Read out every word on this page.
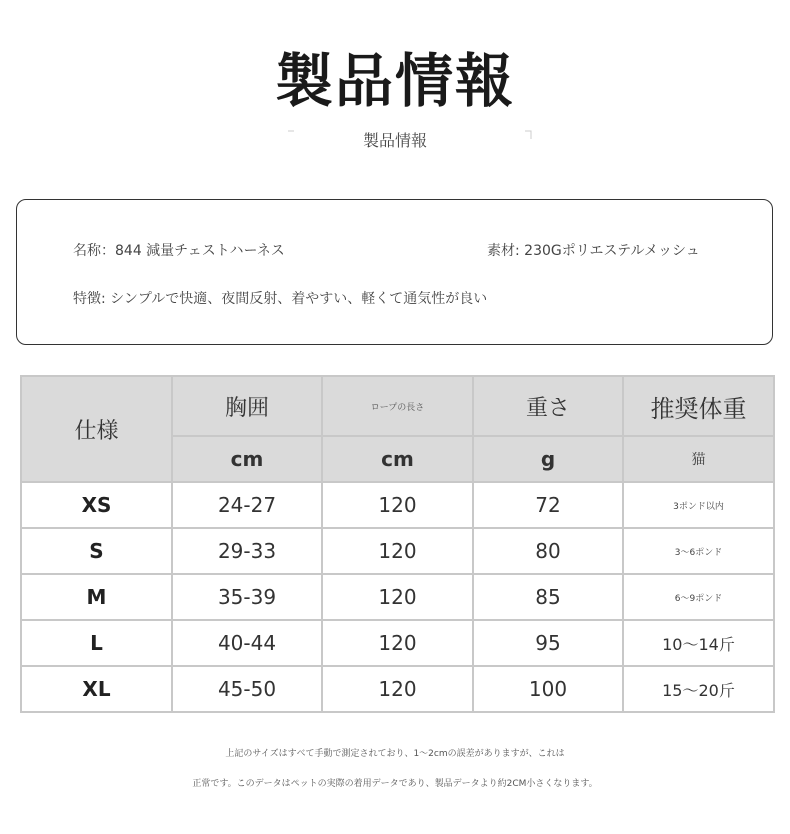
製品情報
製品情報
名称：844 減量チェストハーネス	素材: 230Gポリエステルメッシュ
特徴: シンプルで快適、夜間反射、着やすい、軽くて通気性が良い
仕様	胸囲	ロープの長さ	重さ	推奨体重
	cm	cm	g	猫
XS	24-27	120	72	3ポンド以内
S	29-33	120	80	3～6ポンド
M	35-39	120	85	6～9ポンド
L	40-44	120	95	10～14斤
XL	45-50	120	100	15～20斤
上記のサイズはすべて手動で測定されており、1～2cmの誤差がありますが、これは
正常です。このデータはペットの実際の着用データであり、製品データより約2CM小さくなります。
